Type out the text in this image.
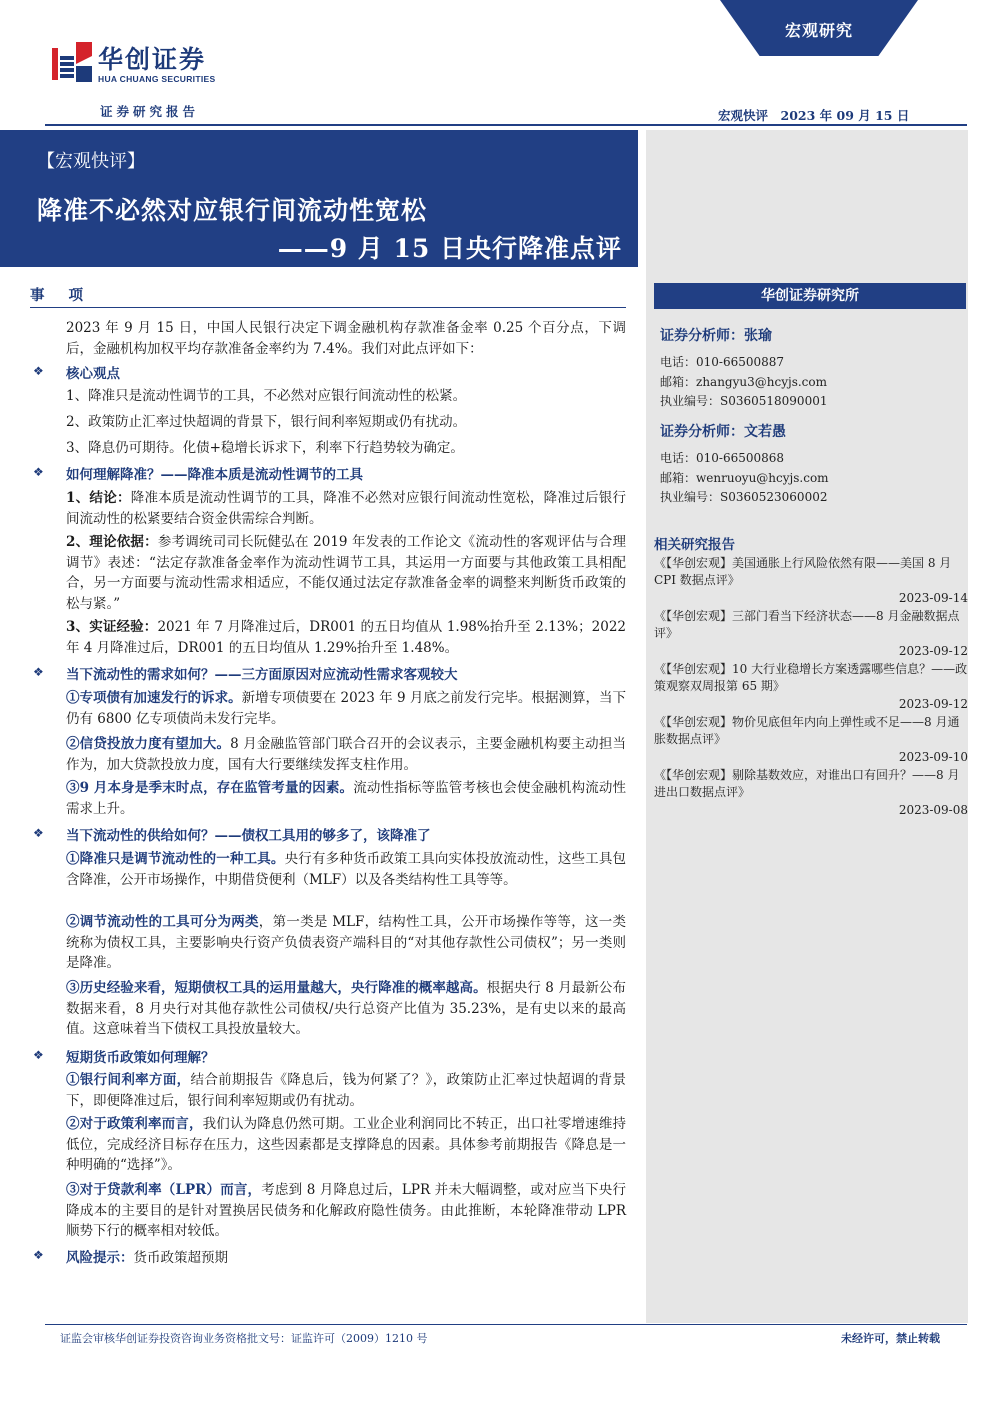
华创证券
HUA CHUANG SECURITIES
证券研究报告
宏观研究
宏观快评　2023 年 09 月 15 日
【宏观快评】
降准不必然对应银行间流动性宽松
——9 月 15 日央行降准点评
华创证券研究所
证券分析师：张瑜
电话：010-66500887
邮箱：zhangyu3@hcyjs.com
执业编号：S0360518090001
证券分析师：文若愚
电话：010-66500868
邮箱：wenruoyu@hcyjs.com
执业编号：S0360523060002
相关研究报告
《【华创宏观】美国通胀上行风险依然有限——美国 8 月 CPI 数据点评》
2023-09-14
《【华创宏观】三部门看当下经济状态——8 月金融数据点评》
2023-09-12
《【华创宏观】10 大行业稳增长方案透露哪些信息？——政策观察双周报第 65 期》
2023-09-12
《【华创宏观】物价见底但年内向上弹性或不足——8 月通胀数据点评》
2023-09-10
《【华创宏观】剔除基数效应，对谁出口有回升？——8 月进出口数据点评》
2023-09-08
事项
2023 年 9 月 15 日，中国人民银行决定下调金融机构存款准备金率 0.25 个百分点，下调后，金融机构加权平均存款准备金率约为 7.4%。我们对此点评如下：
❖ 核心观点
1、降准只是流动性调节的工具，不必然对应银行间流动性的松紧。
2、政策防止汇率过快超调的背景下，银行间利率短期或仍有扰动。
3、降息仍可期待。化债+稳增长诉求下，利率下行趋势较为确定。
❖ 如何理解降准？——降准本质是流动性调节的工具
1、结论：降准本质是流动性调节的工具，降准不必然对应银行间流动性宽松，降准过后银行间流动性的松紧要结合资金供需综合判断。
2、理论依据：参考调统司司长阮健弘在 2019 年发表的工作论文《流动性的客观评估与合理调节》表述：“法定存款准备金率作为流动性调节工具，其运用一方面要与其他政策工具相配合，另一方面要与流动性需求相适应，不能仅通过法定存款准备金率的调整来判断货币政策的松与紧。”
3、实证经验：2021 年 7 月降准过后，DR001 的五日均值从 1.98%抬升至 2.13%；2022 年 4 月降准过后，DR001 的五日均值从 1.29%抬升至 1.48%。
❖ 当下流动性的需求如何？——三方面原因对应流动性需求客观较大
①专项债有加速发行的诉求。新增专项债要在 2023 年 9 月底之前发行完毕。根据测算，当下仍有 6800 亿专项债尚未发行完毕。
②信贷投放力度有望加大。8 月金融监管部门联合召开的会议表示，主要金融机构要主动担当作为，加大贷款投放力度，国有大行要继续发挥支柱作用。
③9 月本身是季末时点，存在监管考量的因素。流动性指标等监管考核也会使金融机构流动性需求上升。
❖ 当下流动性的供给如何？——债权工具用的够多了，该降准了
①降准只是调节流动性的一种工具。央行有多种货币政策工具向实体投放流动性，这些工具包含降准，公开市场操作，中期借贷便利（MLF）以及各类结构性工具等等。
②调节流动性的工具可分为两类，第一类是 MLF，结构性工具，公开市场操作等等，这一类统称为债权工具，主要影响央行资产负债表资产端科目的“对其他存款性公司债权”；另一类则是降准。
③历史经验来看，短期债权工具的运用量越大，央行降准的概率越高。根据央行 8 月最新公布数据来看，8 月央行对其他存款性公司债权/央行总资产比值为 35.23%，是有史以来的最高值。这意味着当下债权工具投放量较大。
❖ 短期货币政策如何理解？
①银行间利率方面，结合前期报告《降息后，钱为何紧了？》，政策防止汇率过快超调的背景下，即便降准过后，银行间利率短期或仍有扰动。
②对于政策利率而言，我们认为降息仍然可期。工业企业利润同比不转正，出口社零增速维持低位，完成经济目标存在压力，这些因素都是支撑降息的因素。具体参考前期报告《降息是一种明确的“选择”》。
③对于贷款利率（LPR）而言，考虑到 8 月降息过后，LPR 并未大幅调整，或对应当下央行降成本的主要目的是针对置换居民债务和化解政府隐性债务。由此推断，本轮降准带动 LPR 顺势下行的概率相对较低。
❖ 风险提示：货币政策超预期
证监会审核华创证券投资咨询业务资格批文号：证监许可（2009）1210 号	未经许可，禁止转载
